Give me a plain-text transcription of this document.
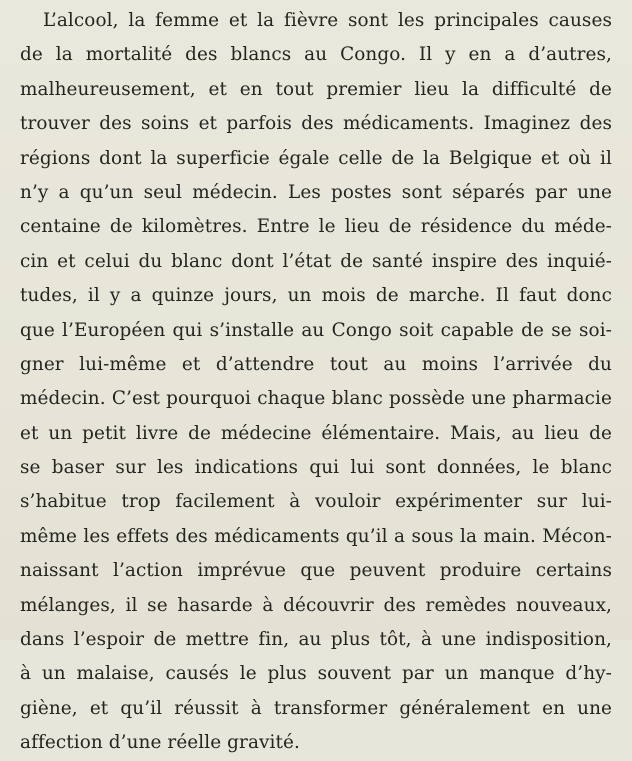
L’alcool, la femme et la fièvre sont les principales causes
de la mortalité des blancs au Congo. Il y en a d’autres,
malheureusement, et en tout premier lieu la difficulté de
trouver des soins et parfois des médicaments. Imaginez des
régions dont la superficie égale celle de la Belgique et où il
n’y a qu’un seul médecin. Les postes sont séparés par une
centaine de kilomètres. Entre le lieu de résidence du méde-
cin et celui du blanc dont l’état de santé inspire des inquié-
tudes, il y a quinze jours, un mois de marche. Il faut donc
que l’Européen qui s’installe au Congo soit capable de se soi-
gner lui-même et d’attendre tout au moins l’arrivée du
médecin. C’est pourquoi chaque blanc possède une pharmacie
et un petit livre de médecine élémentaire. Mais, au lieu de
se baser sur les indications qui lui sont données, le blanc
s’habitue trop facilement à vouloir expérimenter sur lui-
même les effets des médicaments qu’il a sous la main. Mécon-
naissant l’action imprévue que peuvent produire certains
mélanges, il se hasarde à découvrir des remèdes nouveaux,
dans l’espoir de mettre fin, au plus tôt, à une indisposition,
à un malaise, causés le plus souvent par un manque d’hy-
giène, et qu’il réussit à transformer généralement en une
affection d’une réelle gravité.
